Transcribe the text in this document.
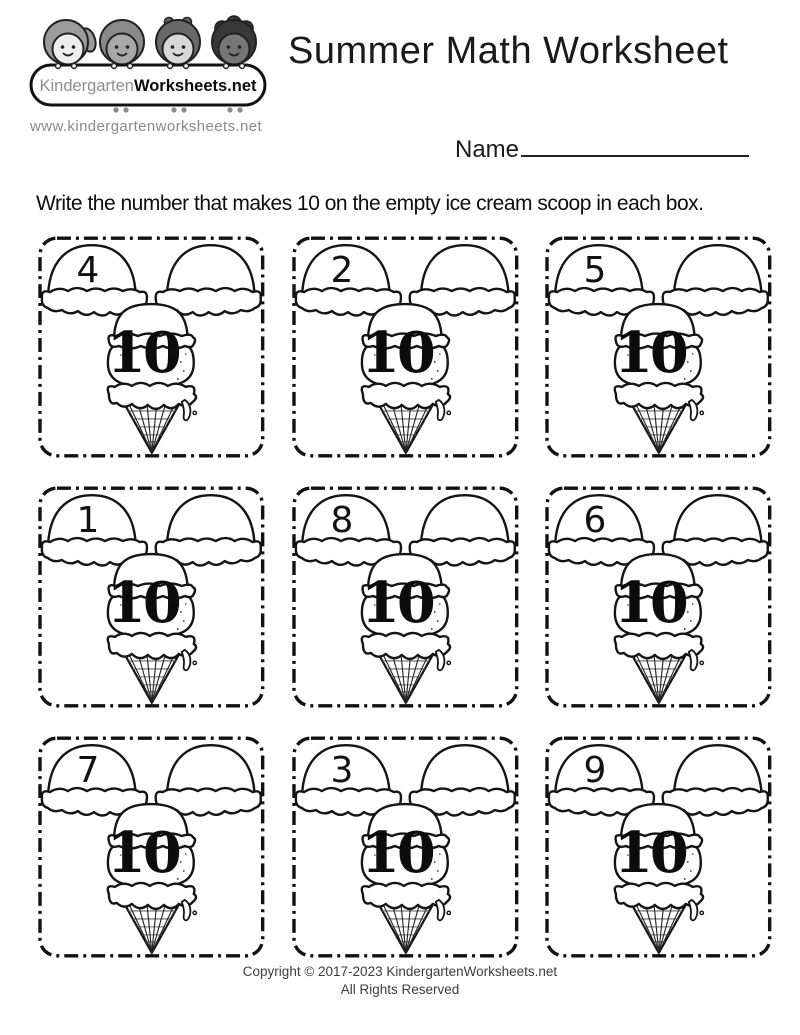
KindergartenWorksheets.net
www.kindergartenworksheets.net
Summer Math Worksheet
Name

Write the number that makes 10 on the empty ice cream scoop in each box.

4
10
2
10
5
10
1
10
8
10
6
10
7
10
3
10
9
10
Copyright © 2017-2023 KindergartenWorksheets.net
All Rights Reserved
